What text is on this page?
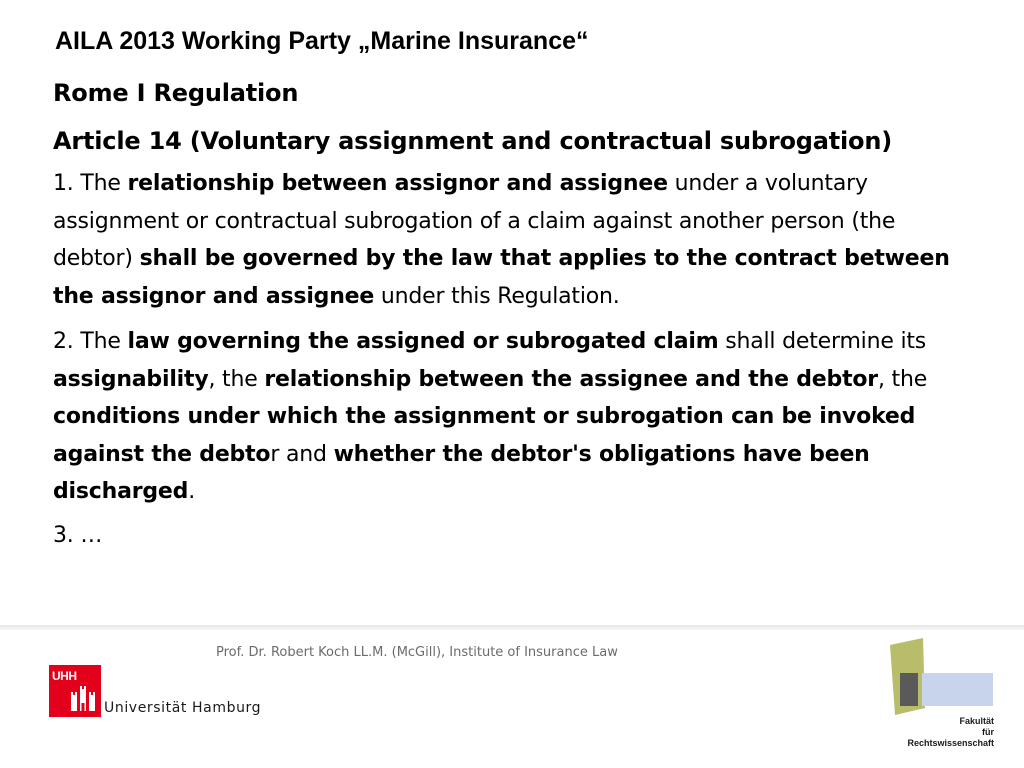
AILA 2013 Working Party „Marine Insurance“

Rome I Regulation

Article 14 (Voluntary assignment and contractual subrogation)

1. The relationship between assignor and assignee under a voluntary assignment or contractual subrogation of a claim against another person (the debtor) shall be governed by the law that applies to the contract between the assignor and assignee under this Regulation.

2. The law governing the assigned or subrogated claim shall determine its assignability, the relationship between the assignee and the debtor, the conditions under which the assignment or subrogation can be invoked against the debtor and whether the debtor's obligations have been discharged.

3. …

Prof. Dr. Robert Koch LL.M. (McGill), Institute of Insurance Law
UHH
Universität Hamburg
Fakultät
für
Rechtswissenschaft
